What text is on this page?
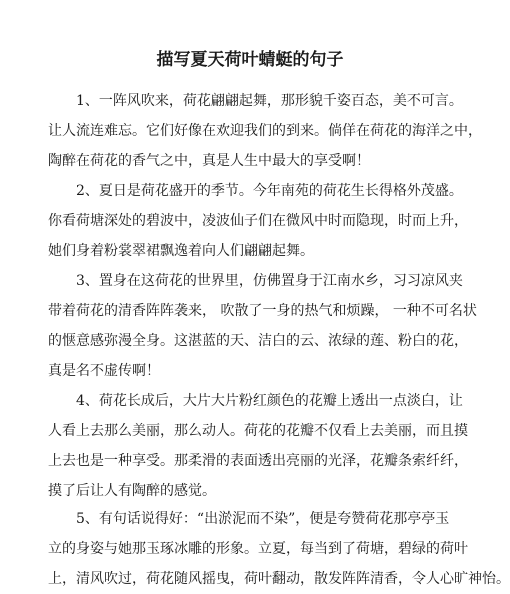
描写夏天荷叶蜻蜓的句子
1、一阵风吹来，荷花翩翩起舞，那形貌千姿百态，美不可言。
让人流连难忘。它们好像在欢迎我们的到来。倘佯在荷花的海洋之中，
陶醉在荷花的香气之中，真是人生中最大的享受啊！
2、夏日是荷花盛开的季节。今年南苑的荷花生长得格外茂盛。
你看荷塘深处的碧波中，凌波仙子们在微风中时而隐现，时而上升，
她们身着粉裳翠裙飘逸着向人们翩翩起舞。
3、置身在这荷花的世界里，仿佛置身于江南水乡，习习凉风夹
带着荷花的清香阵阵袭来， 吹散了一身的热气和烦躁， 一种不可名状
的惬意感弥漫全身。这湛蓝的天、洁白的云、浓绿的莲、粉白的花，
真是名不虚传啊！
4、荷花长成后，大片大片粉红颜色的花瓣上透出一点淡白，让
人看上去那么美丽，那么动人。荷花的花瓣不仅看上去美丽，而且摸
上去也是一种享受。那柔滑的表面透出亮丽的光泽，花瓣条索纤纤，
摸了后让人有陶醉的感觉。
5、有句话说得好：“出淤泥而不染”，便是夸赞荷花那亭亭玉
立的身姿与她那玉琢冰雕的形象。立夏，每当到了荷塘，碧绿的荷叶
上，清风吹过，荷花随风摇曳，荷叶翻动，散发阵阵清香，令人心旷神怡。
